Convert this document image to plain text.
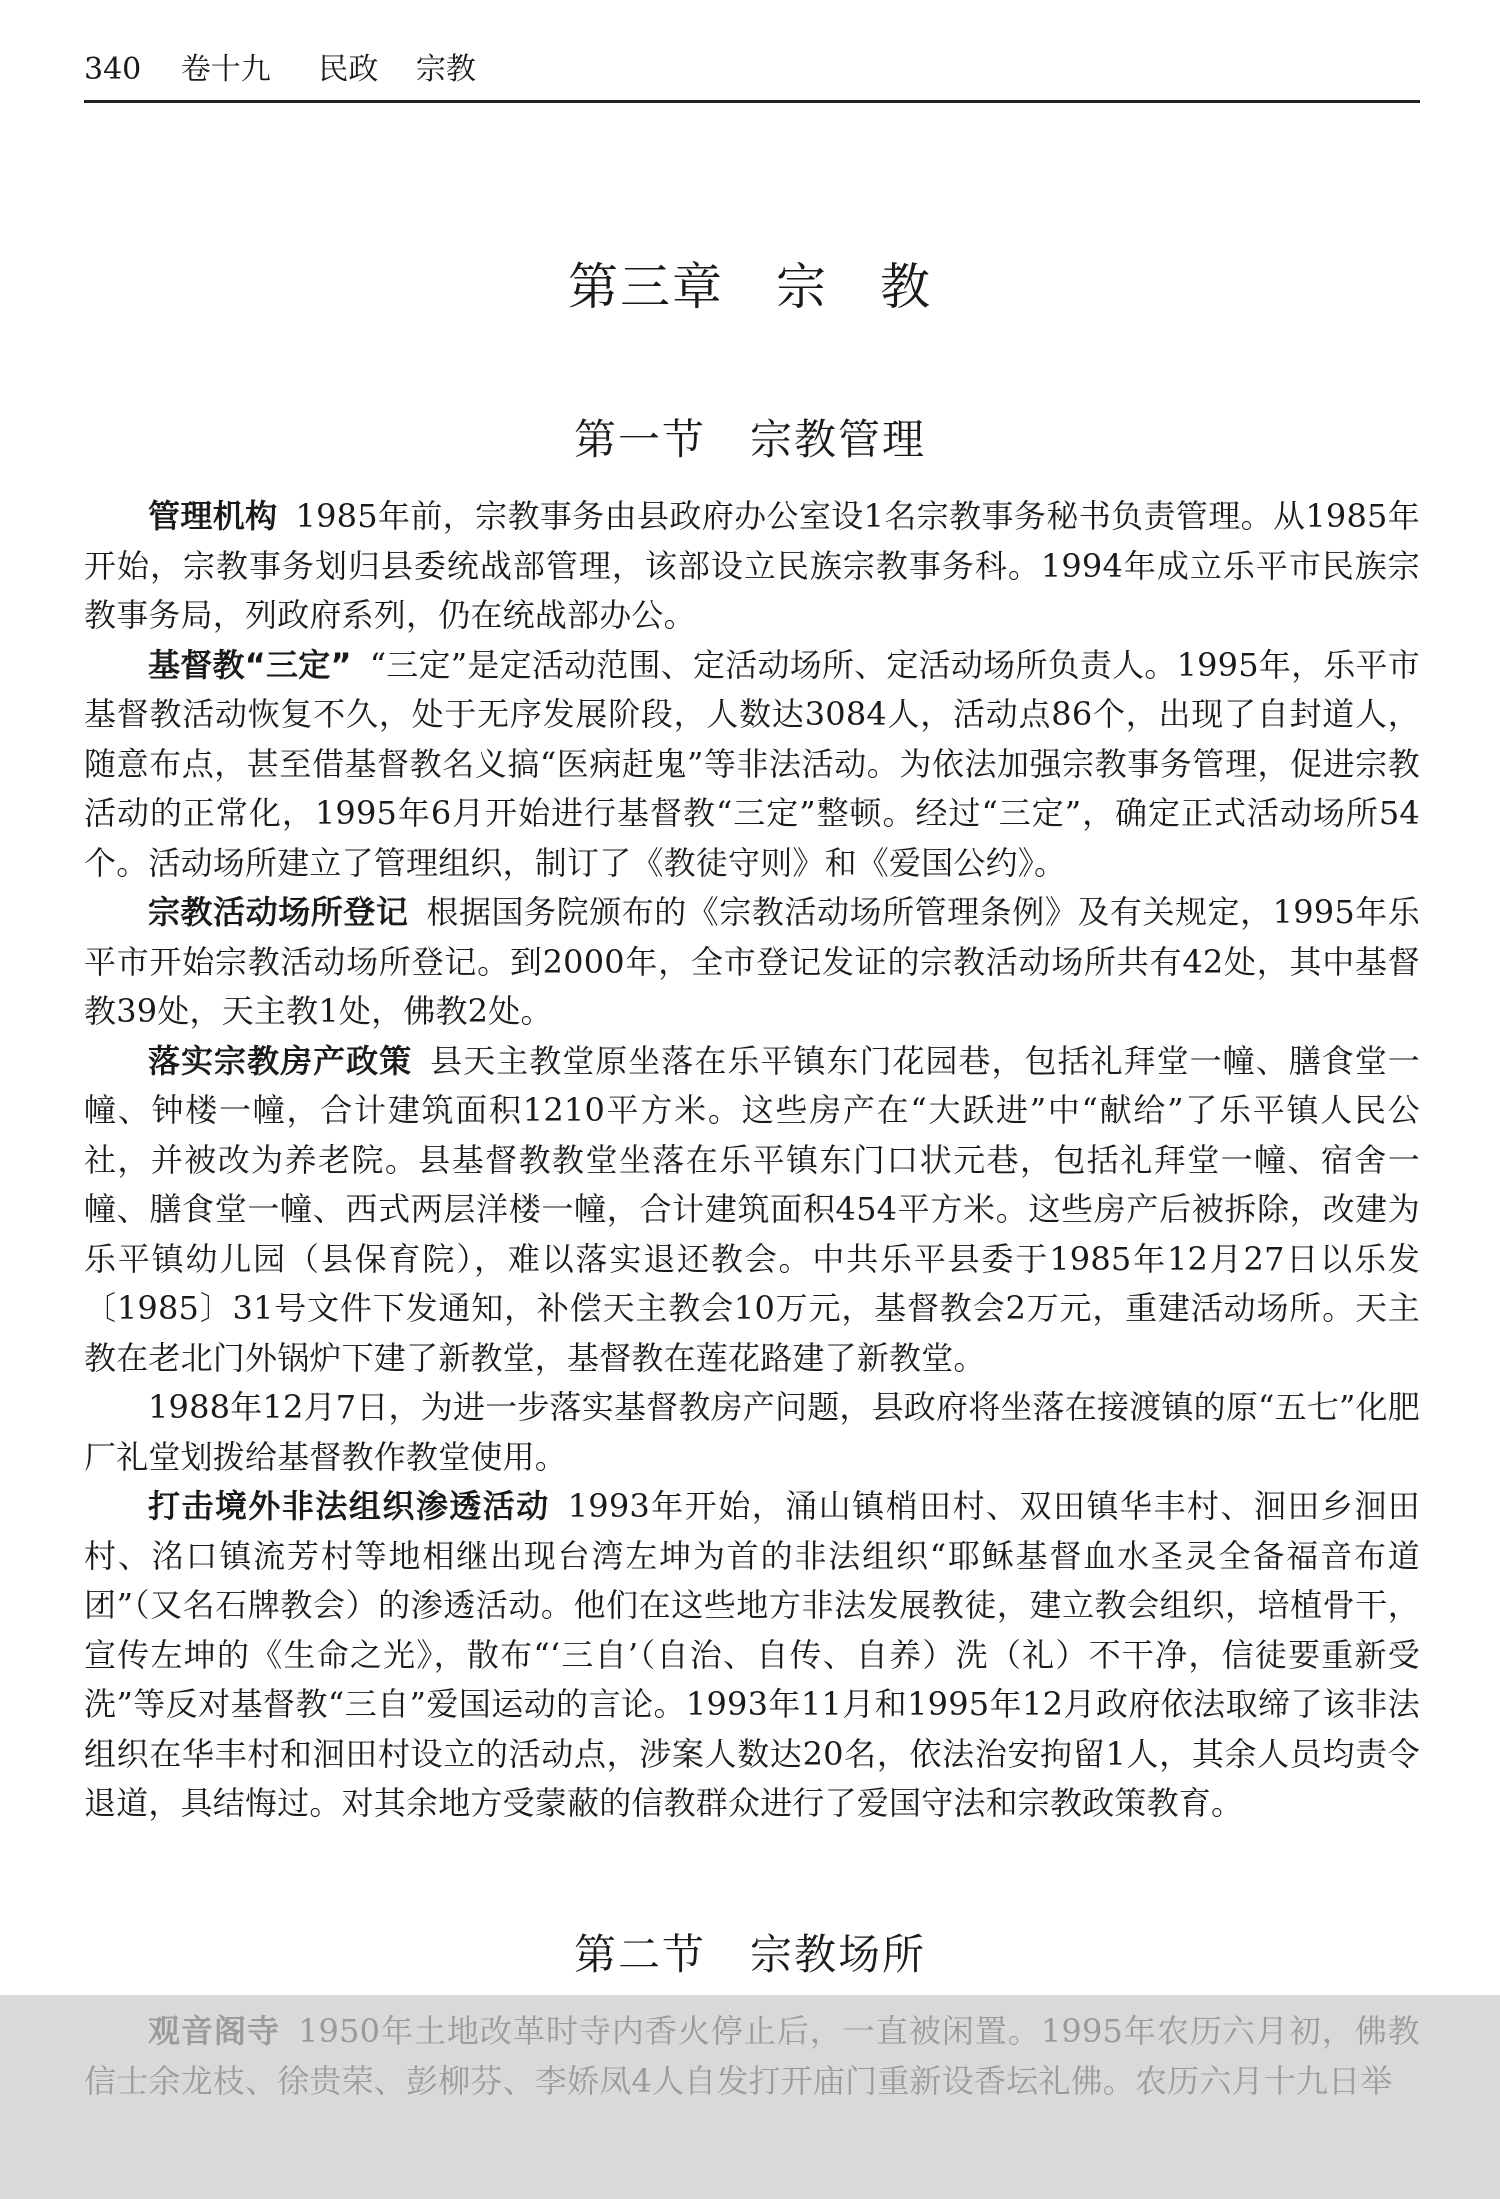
340 卷十九 民政 宗教
第三章　宗　教
第一节　宗教管理

管理机构 1985年前，宗教事务由县政府办公室设1名宗教事务秘书负责管理。从1985年开始，宗教事务划归县委统战部管理，该部设立民族宗教事务科。1994年成立乐平市民族宗教事务局，列政府系列，仍在统战部办公。

基督教“三定” “三定”是定活动范围、定活动场所、定活动场所负责人。1995年，乐平市基督教活动恢复不久，处于无序发展阶段，人数达3084人，活动点86个，出现了自封道人，随意布点，甚至借基督教名义搞“医病赶鬼”等非法活动。为依法加强宗教事务管理，促进宗教活动的正常化，1995年6月开始进行基督教“三定”整顿。经过“三定”，确定正式活动场所54个。活动场所建立了管理组织，制订了《教徒守则》和《爱国公约》。

宗教活动场所登记 根据国务院颁布的《宗教活动场所管理条例》及有关规定，1995年乐平市开始宗教活动场所登记。到2000年，全市登记发证的宗教活动场所共有42处，其中基督教39处，天主教1处，佛教2处。

落实宗教房产政策 县天主教堂原坐落在乐平镇东门花园巷，包括礼拜堂一幢、膳食堂一幢、钟楼一幢，合计建筑面积1210平方米。这些房产在“大跃进”中“献给”了乐平镇人民公社，并被改为养老院。县基督教教堂坐落在乐平镇东门口状元巷，包括礼拜堂一幢、宿舍一幢、膳食堂一幢、西式两层洋楼一幢，合计建筑面积454平方米。这些房产后被拆除，改建为乐平镇幼儿园（县保育院），难以落实退还教会。中共乐平县委于1985年12月27日以乐发〔1985〕31号文件下发通知，补偿天主教会10万元，基督教会2万元，重建活动场所。天主教在老北门外锅炉下建了新教堂，基督教在莲花路建了新教堂。

1988年12月7日，为进一步落实基督教房产问题，县政府将坐落在接渡镇的原“五七”化肥厂礼堂划拨给基督教作教堂使用。

打击境外非法组织渗透活动 1993年开始，涌山镇梢田村、双田镇华丰村、洄田乡洄田村、洺口镇流芳村等地相继出现台湾左坤为首的非法组织“耶稣基督血水圣灵全备福音布道团”（又名石牌教会）的渗透活动。他们在这些地方非法发展教徒，建立教会组织，培植骨干，宣传左坤的《生命之光》，散布“‘三自’（自治、自传、自养）洗（礼）不干净，信徒要重新受洗”等反对基督教“三自”爱国运动的言论。1993年11月和1995年12月政府依法取缔了该非法组织在华丰村和洄田村设立的活动点，涉案人数达20名，依法治安拘留1人，其余人员均责令退道，具结悔过。对其余地方受蒙蔽的信教群众进行了爱国守法和宗教政策教育。

第二节　宗教场所

观音阁寺 1950年土地改革时寺内香火停止后，一直被闲置。1995年农历六月初，佛教信士余龙枝、徐贵荣、彭柳芬、李娇凤4人自发打开庙门重新设香坛礼佛。农历六月十九日举
